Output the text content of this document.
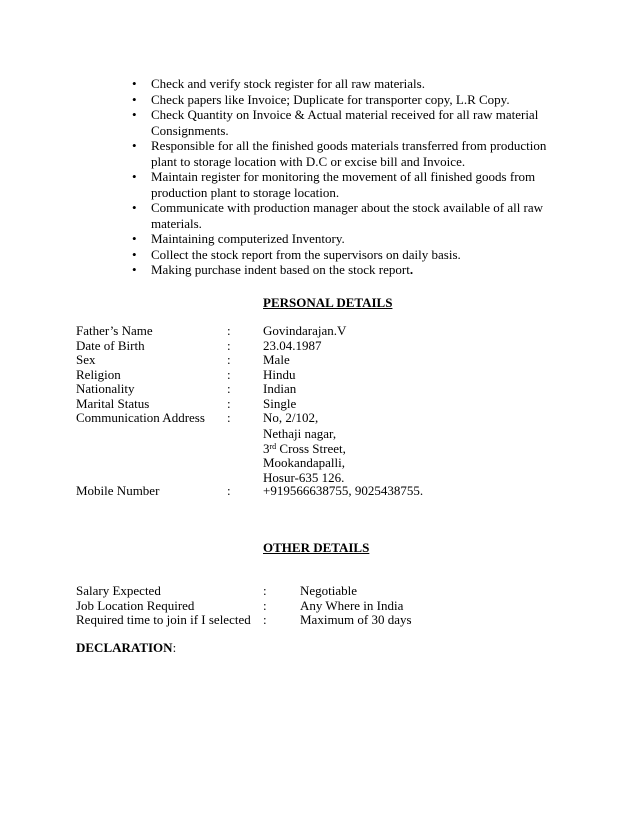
• Check and verify stock register for all raw materials.
• Check papers like Invoice; Duplicate for transporter copy, L.R Copy.
• Check Quantity on Invoice & Actual material received for all raw material Consignments.
• Responsible for all the finished goods materials transferred from production plant to storage location with D.C or excise bill and Invoice.
• Maintain register for monitoring the movement of all finished goods from production plant to storage location.
• Communicate with production manager about the stock available of all raw materials.
• Maintaining computerized Inventory.
• Collect the stock report from the supervisors on daily basis.
• Making purchase indent based on the stock report.
PERSONAL DETAILS
Father’s Name	: Govindarajan.V
Date of Birth	: 23.04.1987
Sex	: Male
Religion	: Hindu
Nationality	: Indian
Marital Status	: Single
Communication Address : No, 2/102,
Nethaji nagar,
3rd Cross Street,
Mookandapalli,
Hosur-635 126.
Mobile Number	: +919566638755, 9025438755.
OTHER DETAILS
Salary Expected	:	Negotiable
Job Location Required	:	Any Where in India
Required time to join if I selected :	Maximum of 30 days
DECLARATION:
